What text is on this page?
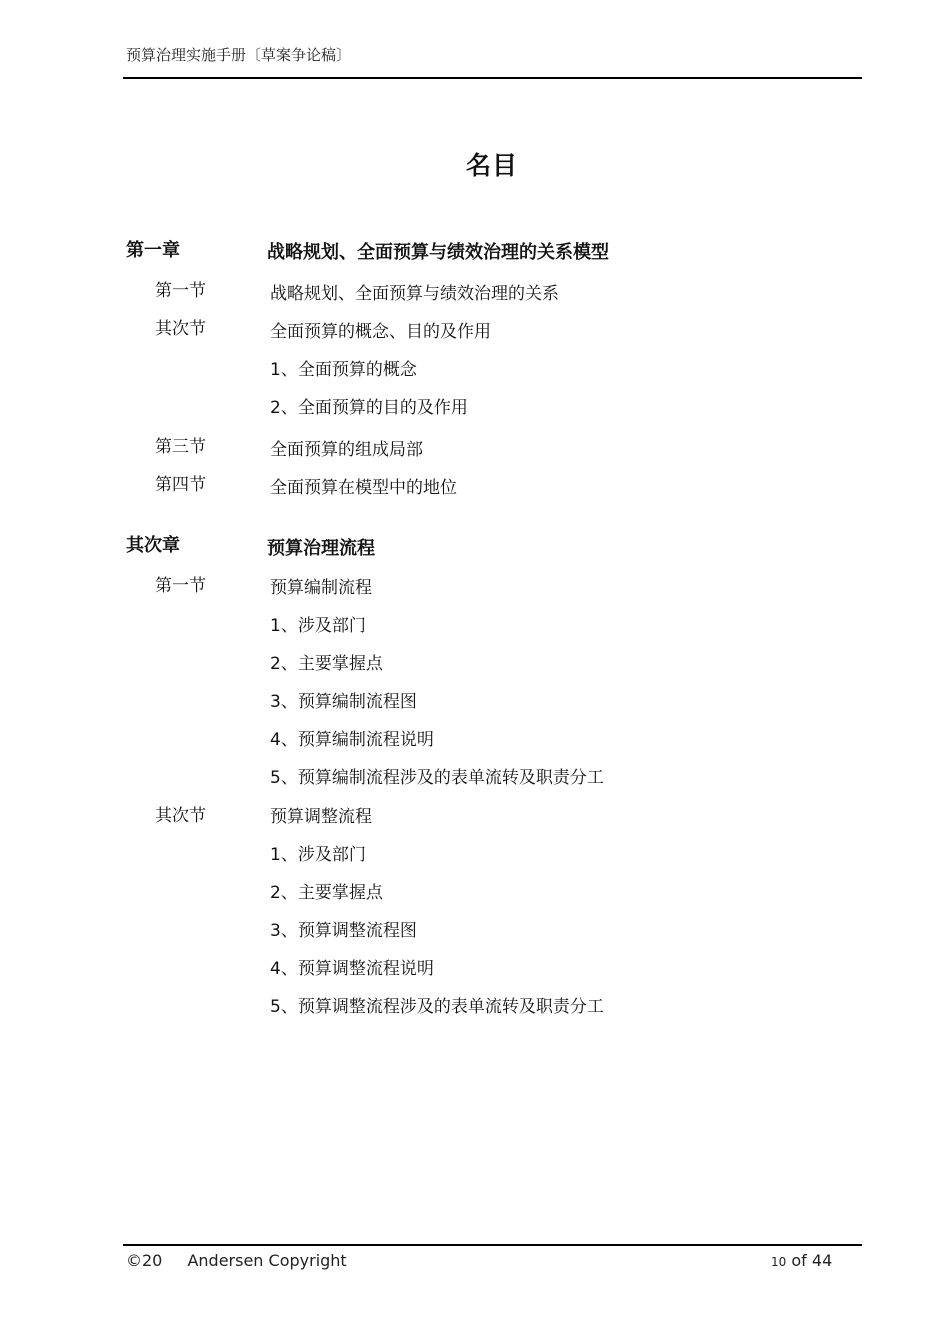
预算治理实施手册〔草案争论稿〕
名目
第一章	战略规划、全面预算与绩效治理的关系模型
第一节	战略规划、全面预算与绩效治理的关系
其次节	全面预算的概念、目的及作用
1、全面预算的概念
2、全面预算的目的及作用
第三节	全面预算的组成局部
第四节	全面预算在模型中的地位
其次章	预算治理流程
第一节	预算编制流程
1、涉及部门
2、主要掌握点
3、预算编制流程图
4、预算编制流程说明
5、预算编制流程涉及的表单流转及职责分工
其次节	预算调整流程
1、涉及部门
2、主要掌握点
3、预算调整流程图
4、预算调整流程说明
5、预算调整流程涉及的表单流转及职责分工
©20 Andersen Copyright	10 of 44
